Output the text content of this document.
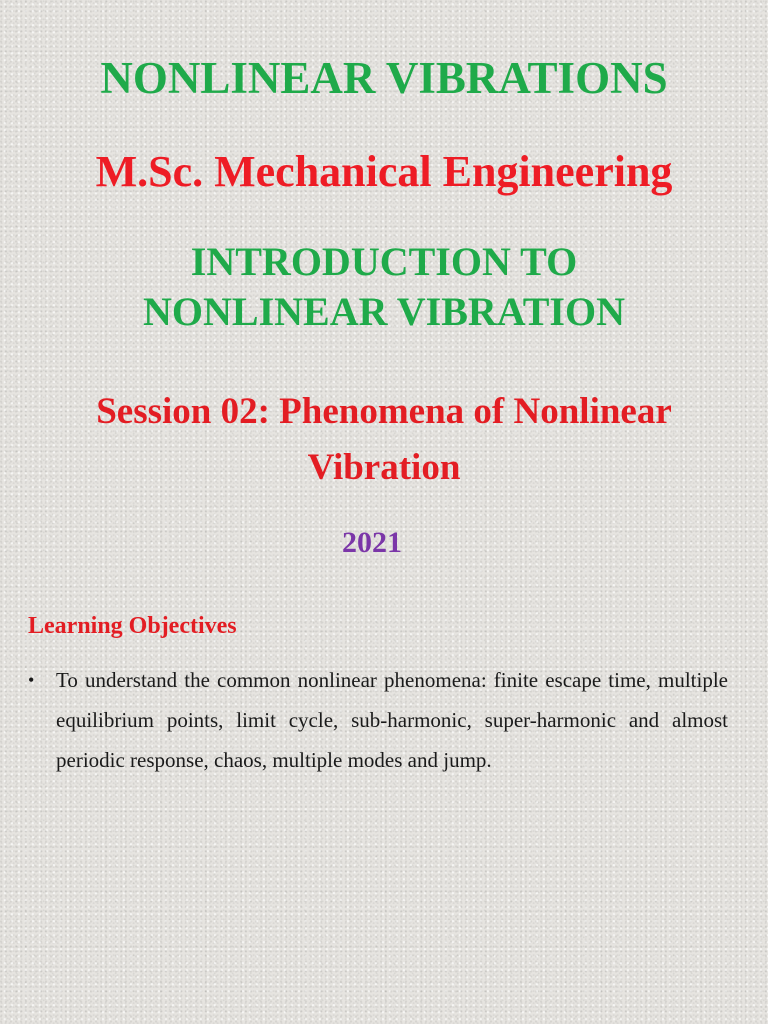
NONLINEAR VIBRATIONS
M.Sc. Mechanical Engineering
INTRODUCTION TO
NONLINEAR VIBRATION
Session 02: Phenomena of Nonlinear
Vibration
2021
Learning Objectives
• To understand the common nonlinear phenomena: finite escape time, multiple equilibrium points, limit cycle, sub-harmonic, super-harmonic and almost periodic response, chaos, multiple modes and jump.
